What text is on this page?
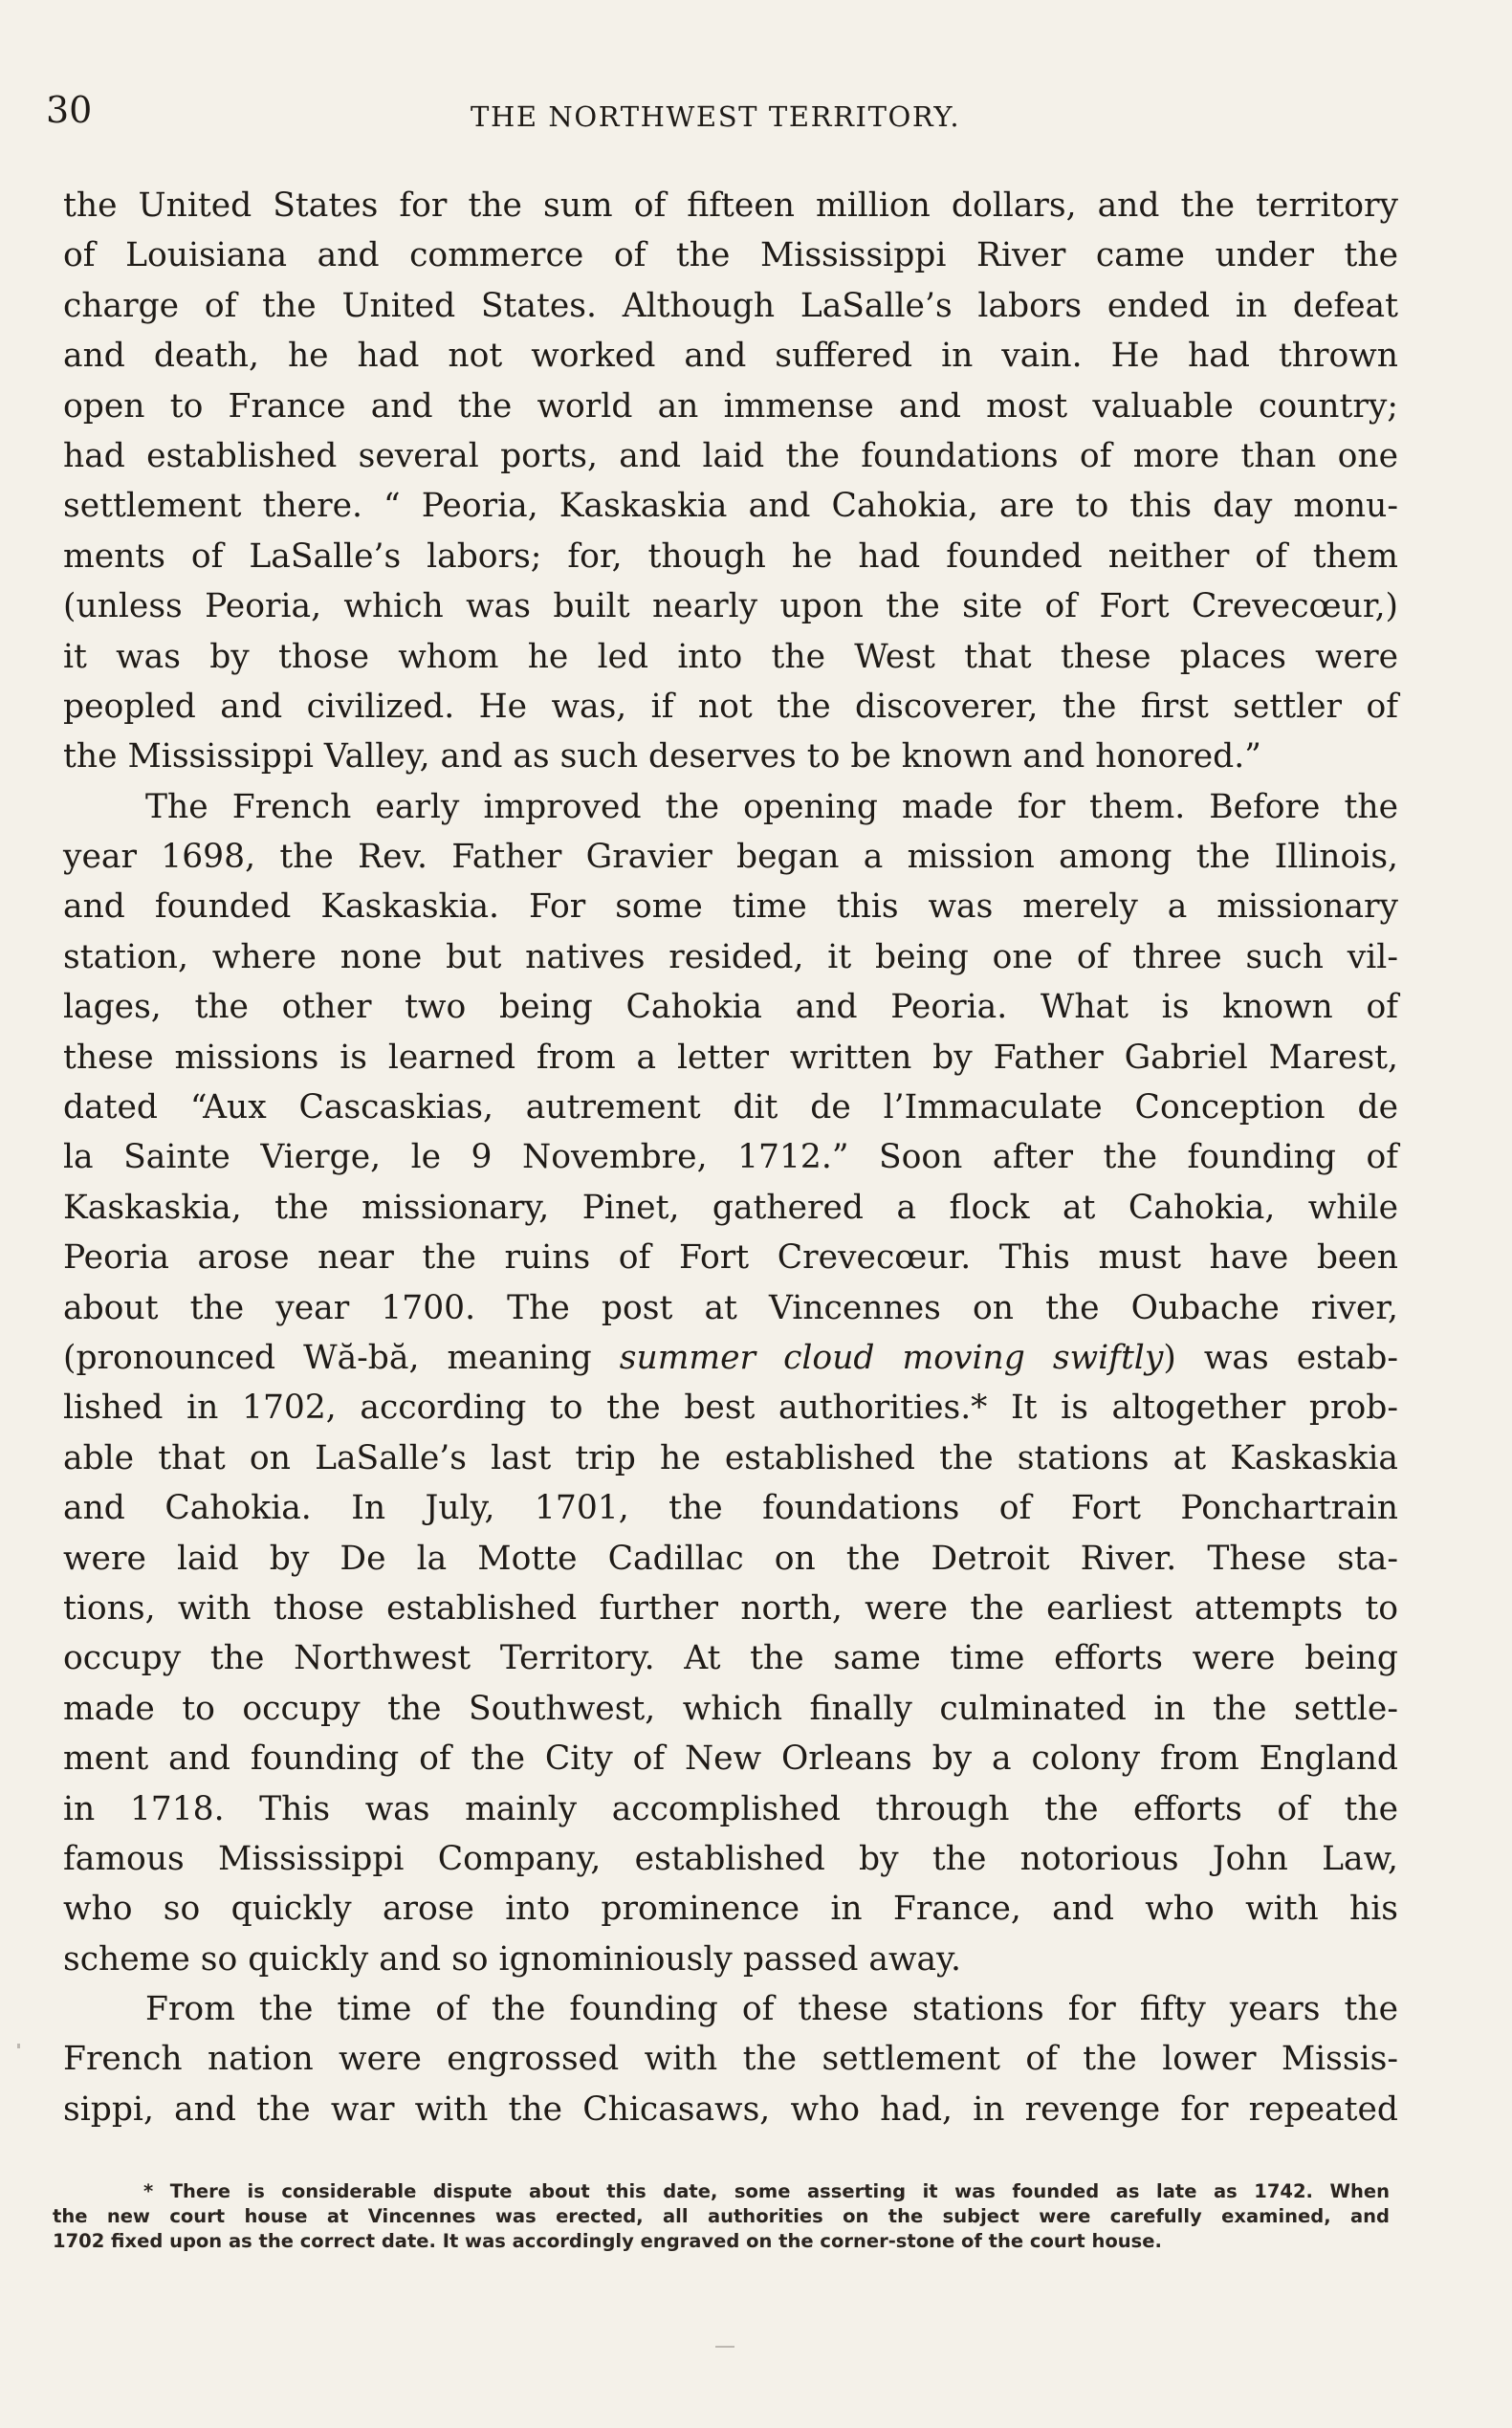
30	THE NORTHWEST TERRITORY.
the United States for the sum of fifteen million dollars, and the territory
of Louisiana and commerce of the Mississippi River came under the
charge of the United States. Although LaSalle’s labors ended in defeat
and death, he had not worked and suffered in vain. He had thrown
open to France and the world an immense and most valuable country;
had established several ports, and laid the foundations of more than one
settlement there. “ Peoria, Kaskaskia and Cahokia, are to this day monu-
ments of LaSalle’s labors; for, though he had founded neither of them
(unless Peoria, which was built nearly upon the site of Fort Crevecœur,)
it was by those whom he led into the West that these places were
peopled and civilized. He was, if not the discoverer, the first settler of
the Mississippi Valley, and as such deserves to be known and honored.”
The French early improved the opening made for them. Before the
year 1698, the Rev. Father Gravier began a mission among the Illinois,
and founded Kaskaskia. For some time this was merely a missionary
station, where none but natives resided, it being one of three such vil-
lages, the other two being Cahokia and Peoria. What is known of
these missions is learned from a letter written by Father Gabriel Marest,
dated “Aux Cascaskias, autrement dit de l’Immaculate Conception de
la Sainte Vierge, le 9 Novembre, 1712.” Soon after the founding of
Kaskaskia, the missionary, Pinet, gathered a flock at Cahokia, while
Peoria arose near the ruins of Fort Crevecœur. This must have been
about the year 1700. The post at Vincennes on the Oubache river,
(pronounced Wă-bă, meaning summer cloud moving swiftly) was estab-
lished in 1702, according to the best authorities.* It is altogether prob-
able that on LaSalle’s last trip he established the stations at Kaskaskia
and Cahokia. In July, 1701, the foundations of Fort Ponchartrain
were laid by De la Motte Cadillac on the Detroit River. These sta-
tions, with those established further north, were the earliest attempts to
occupy the Northwest Territory. At the same time efforts were being
made to occupy the Southwest, which finally culminated in the settle-
ment and founding of the City of New Orleans by a colony from England
in 1718. This was mainly accomplished through the efforts of the
famous Mississippi Company, established by the notorious John Law,
who so quickly arose into prominence in France, and who with his
scheme so quickly and so ignominiously passed away.
From the time of the founding of these stations for fifty years the
French nation were engrossed with the settlement of the lower Missis-
sippi, and the war with the Chicasaws, who had, in revenge for repeated
* There is considerable dispute about this date, some asserting it was founded as late as 1742. When
the new court house at Vincennes was erected, all authorities on the subject were carefully examined, and
1702 fixed upon as the correct date. It was accordingly engraved on the corner-stone of the court house.
